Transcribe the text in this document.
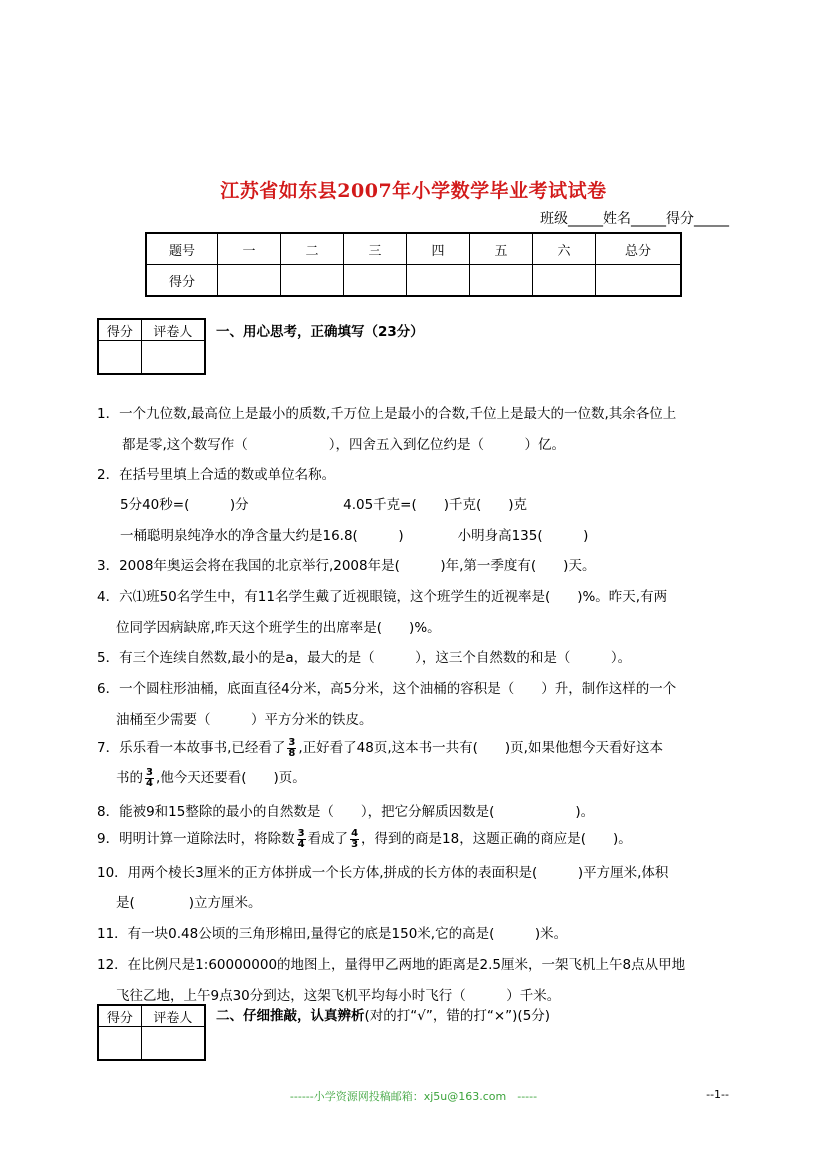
江苏省如东县2007年小学数学毕业考试试卷
班级_____姓名_____得分_____
题号	一	二	三	四	五	六	总分
得分							
得分	评卷人
	一、用心思考，正确填写（23分）
1．一个九位数,最高位上是最小的质数,千万位上是最小的合数,千位上是最大的一位数,其余各位上
都是零,这个数写作（　　　　　　），四舍五入到亿位约是（　　　）亿。
2．在括号里填上合适的数或单位名称。
5分40秒=(　　　)分　　　　　　　4.05千克=(　　)千克(　　)克
一桶聪明泉纯净水的净含量大约是16.8(　　　)　　　　小明身高135(　　　)
3．2008年奥运会将在我国的北京举行,2008年是(　　　)年,第一季度有(　　)天。
4．六⑴班50名学生中，有11名学生戴了近视眼镜，这个班学生的近视率是(　　)%。昨天,有两
位同学因病缺席,昨天这个班学生的出席率是(　　)%。
5．有三个连续自然数,最小的是a，最大的是（　　　），这三个自然数的和是（　　　）。
6．一个圆柱形油桶，底面直径4分米，高5分米，这个油桶的容积是（　　）升，制作这样的一个
油桶至少需要（　　　）平方分米的铁皮。
7．乐乐看一本故事书,已经看了 $\frac{3}{8}$ ,正好看了48页,这本书一共有(　　)页,如果他想今天看好这本
书的 $\frac{3}{4}$ ,他今天还要看(　　)页。
8．能被9和15整除的最小的自然数是（　　），把它分解质因数是(　　　　　　)。
9．明明计算一道除法时，将除数 $\frac{3}{4}$ 看成了 $\frac{4}{3}$ ，得到的商是18，这题正确的商应是(　　)。
10．用两个棱长3厘米的正方体拼成一个长方体,拼成的长方体的表面积是(　　　)平方厘米,体积
是(　　　　)立方厘米。
11．有一块0.48公顷的三角形棉田,量得它的底是150米,它的高是(　　　)米。
12．在比例尺是1:60000000的地图上，量得甲乙两地的距离是2.5厘米，一架飞机上午8点从甲地
飞往乙地，上午9点30分到达，这架飞机平均每小时飞行（　　　）千米。
得分	评卷人
	二、仔细推敲，认真辨析(对的打“√”，错的打“×”)(5分)
------小学资源网投稿邮箱：xj5u@163.com　-----	--1--
